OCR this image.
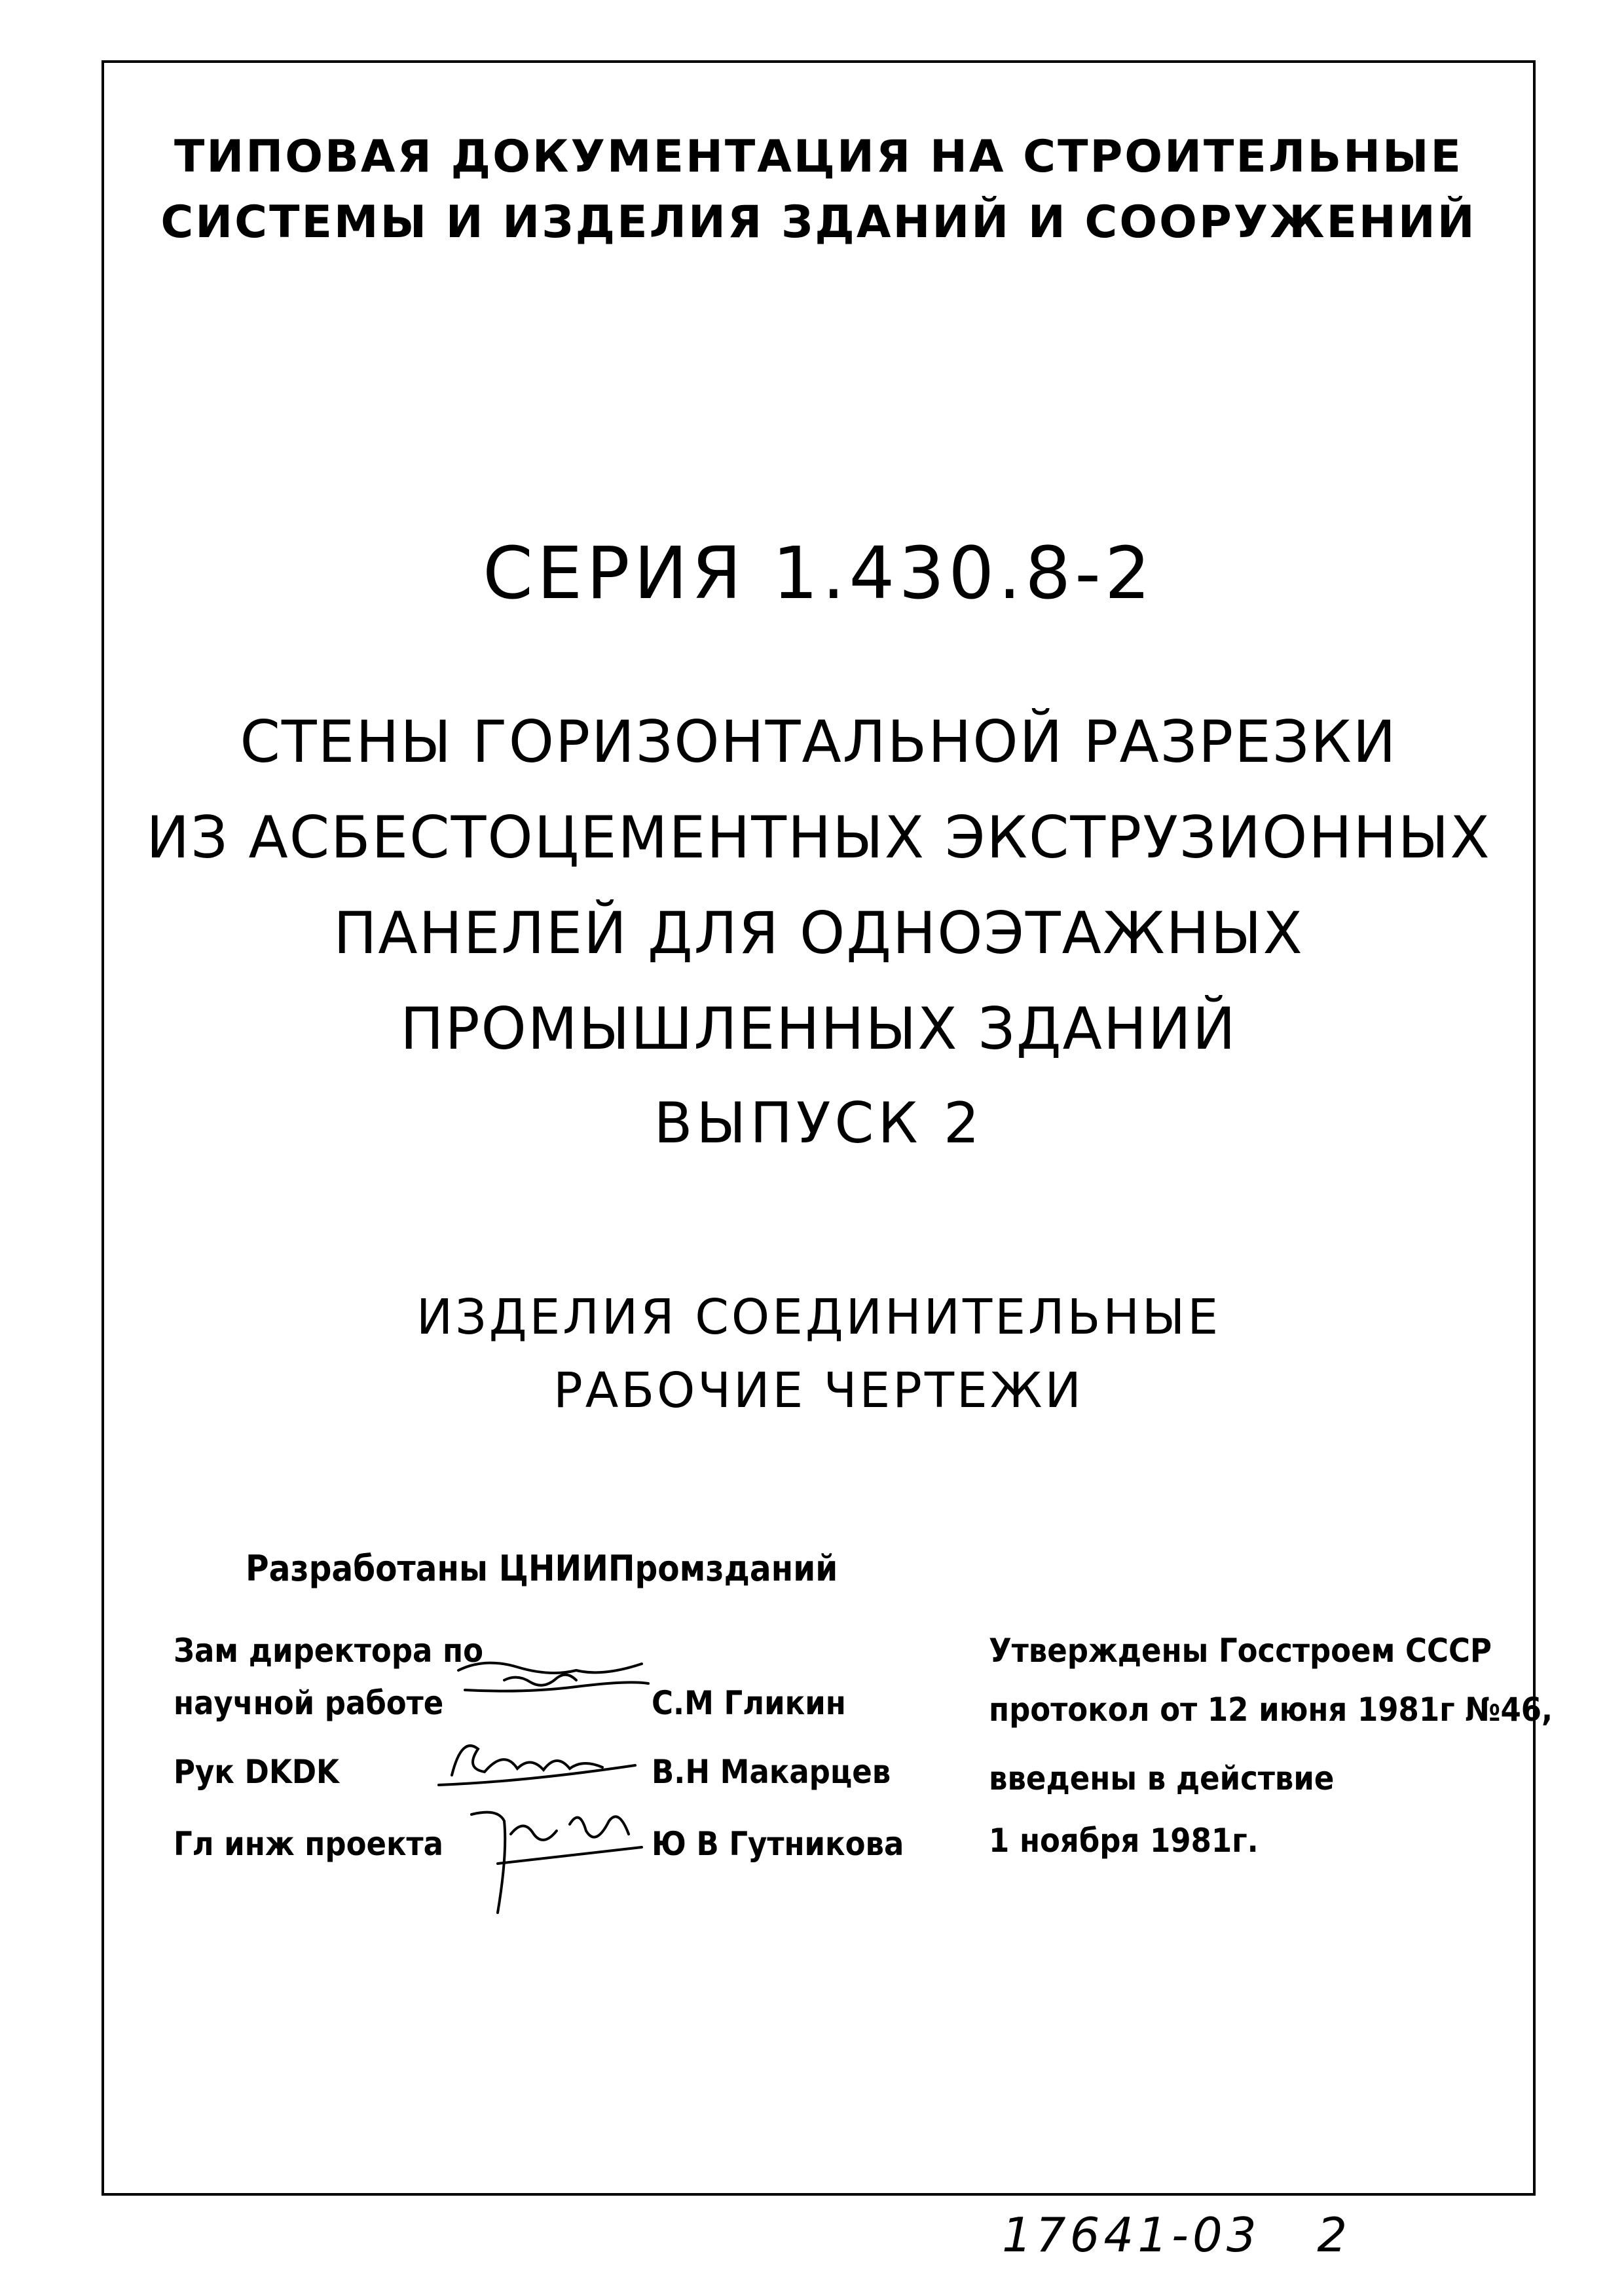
ТИПОВАЯ ДОКУМЕНТАЦИЯ НА СТРОИТЕЛЬНЫЕ
СИСТЕМЫ И ИЗДЕЛИЯ ЗДАНИЙ И СООРУЖЕНИЙ
СЕРИЯ 1.430.8-2
СТЕНЫ ГОРИЗОНТАЛЬНОЙ РАЗРЕЗКИ
ИЗ АСБЕСТОЦЕМЕНТНЫХ ЭКСТРУЗИОННЫХ
ПАНЕЛЕЙ ДЛЯ ОДНОЭТАЖНЫХ
ПРОМЫШЛЕННЫХ ЗДАНИЙ
ВЫПУСК 2
ИЗДЕЛИЯ СОЕДИНИТЕЛЬНЫЕ
РАБОЧИЕ ЧЕРТЕЖИ
Разработаны ЦНИИПромзданий
Зам директора по
научной работе
Рук DKDK
Гл инж проекта
С.М Гликин
В.Н Макарцев
Ю В Гутникова
Утверждены Госстроем СССР
протокол от 12 июня 1981г №46,
введены в действие
1 ноября 1981г.
17641-03 2
